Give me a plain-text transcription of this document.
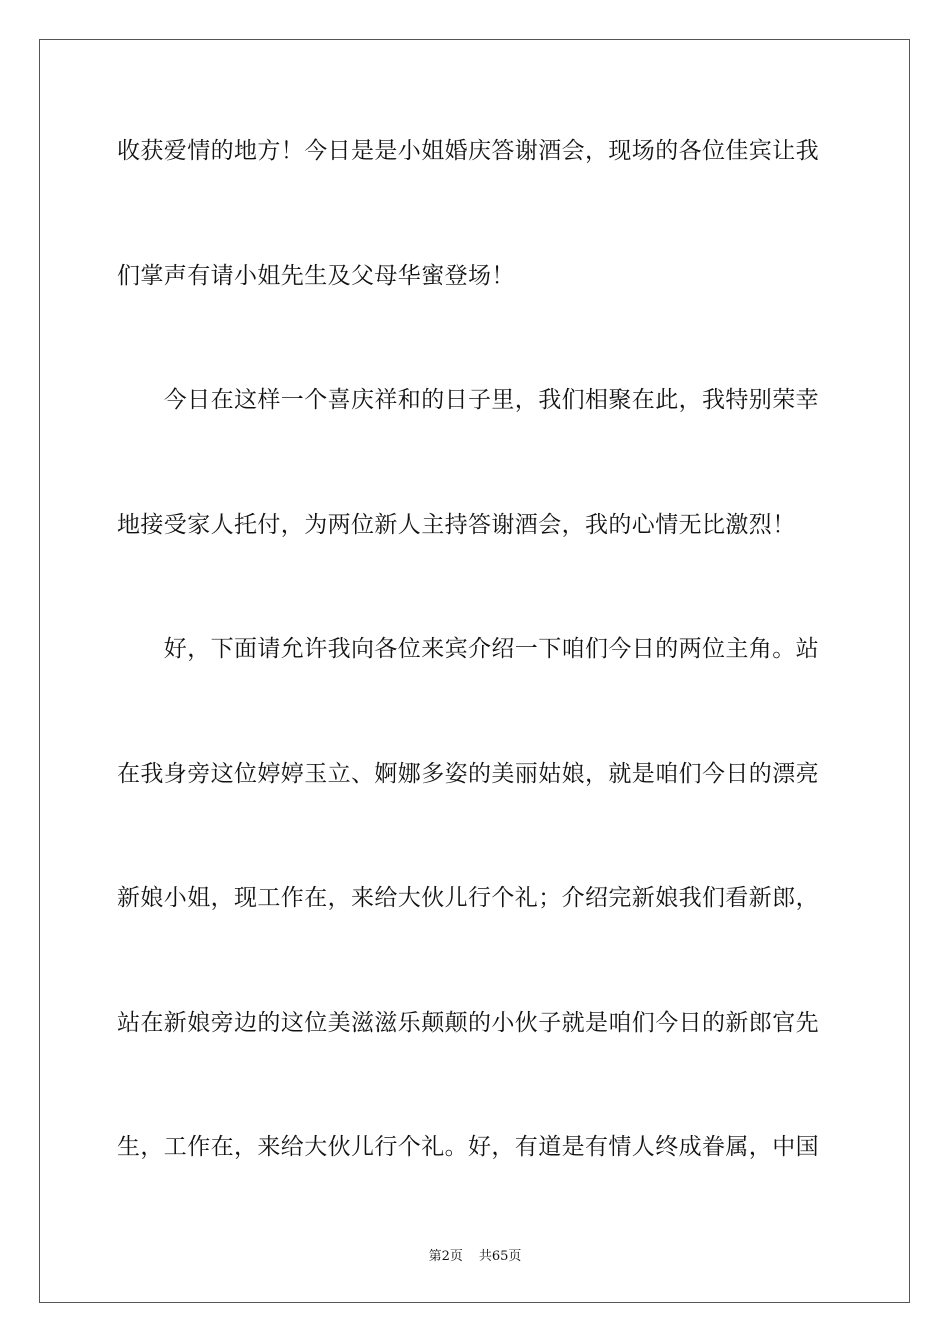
收获爱情的地方！今日是是小姐婚庆答谢酒会，现场的各位佳宾让我
们掌声有请小姐先生及父母华蜜登场！
　　今日在这样一个喜庆祥和的日子里，我们相聚在此，我特别荣幸
地接受家人托付，为两位新人主持答谢酒会，我的心情无比激烈！
　　好，下面请允许我向各位来宾介绍一下咱们今日的两位主角。站
在我身旁这位婷婷玉立、婀娜多姿的美丽姑娘，就是咱们今日的漂亮
新娘小姐，现工作在，来给大伙儿行个礼；介绍完新娘我们看新郎，
站在新娘旁边的这位美滋滋乐颠颠的小伙子就是咱们今日的新郎官先
生，工作在，来给大伙儿行个礼。好，有道是有情人终成眷属，中国
第2页 共65页
